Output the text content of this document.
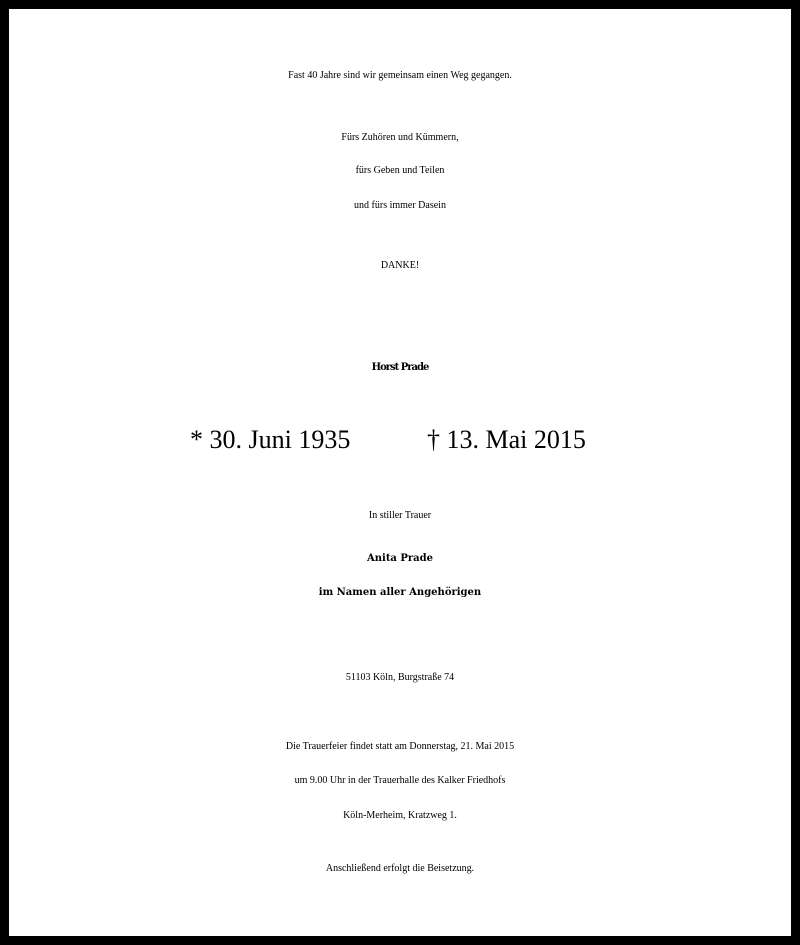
Fast 40 Jahre sind wir gemeinsam einen Weg gegangen.
Fürs Zuhören und Kümmern,
fürs Geben und Teilen
und fürs immer Dasein
DANKE!
Horst Prade
* 30. Juni 1935	† 13. Mai 2015
In stiller Trauer
Anita Prade
im Namen aller Angehörigen
51103 Köln, Burgstraße 74
Die Trauerfeier findet statt am Donnerstag, 21. Mai 2015
um 9.00 Uhr in der Trauerhalle des Kalker Friedhofs
Köln-Merheim, Kratzweg 1.
Anschließend erfolgt die Beisetzung.
